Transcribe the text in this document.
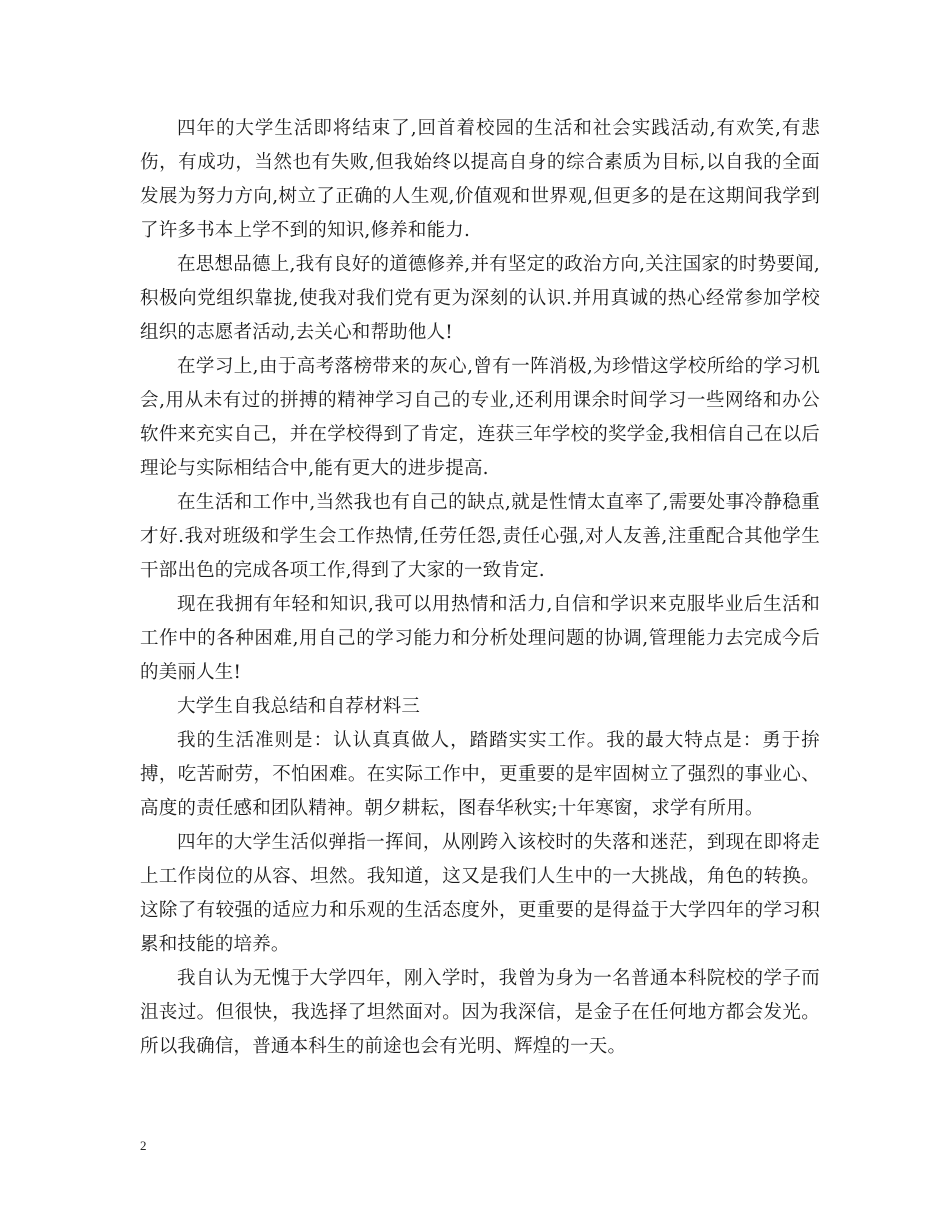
四年的大学生活即将结束了,回首着校园的生活和社会实践活动,有欢笑,有悲伤，有成功，当然也有失败,但我始终以提高自身的综合素质为目标,以自我的全面发展为努力方向,树立了正确的人生观,价值观和世界观,但更多的是在这期间我学到了许多书本上学不到的知识,修养和能力.

在思想品德上,我有良好的道德修养,并有坚定的政治方向,关注国家的时势要闻,积极向党组织靠拢,使我对我们党有更为深刻的认识.并用真诚的热心经常参加学校组织的志愿者活动,去关心和帮助他人!

在学习上,由于高考落榜带来的灰心,曾有一阵消极,为珍惜这学校所给的学习机会,用从未有过的拼搏的精神学习自己的专业,还利用课余时间学习一些网络和办公软件来充实自己，并在学校得到了肯定，连获三年学校的奖学金,我相信自己在以后理论与实际相结合中,能有更大的进步提高.

在生活和工作中,当然我也有自己的缺点,就是性情太直率了,需要处事冷静稳重才好.我对班级和学生会工作热情,任劳任怨,责任心强,对人友善,注重配合其他学生干部出色的完成各项工作,得到了大家的一致肯定.

现在我拥有年轻和知识,我可以用热情和活力,自信和学识来克服毕业后生活和工作中的各种困难,用自己的学习能力和分析处理问题的协调,管理能力去完成今后的美丽人生!

大学生自我总结和自荐材料三

我的生活准则是：认认真真做人，踏踏实实工作。我的最大特点是：勇于拚搏，吃苦耐劳，不怕困难。在实际工作中，更重要的是牢固树立了强烈的事业心、高度的责任感和团队精神。朝夕耕耘，图春华秋实;十年寒窗，求学有所用。

四年的大学生活似弹指一挥间，从刚跨入该校时的失落和迷茫，到现在即将走上工作岗位的从容、坦然。我知道，这又是我们人生中的一大挑战，角色的转换。这除了有较强的适应力和乐观的生活态度外，更重要的是得益于大学四年的学习积累和技能的培养。

我自认为无愧于大学四年，刚入学时，我曾为身为一名普通本科院校的学子而沮丧过。但很快，我选择了坦然面对。因为我深信，是金子在任何地方都会发光。所以我确信，普通本科生的前途也会有光明、辉煌的一天。

2
